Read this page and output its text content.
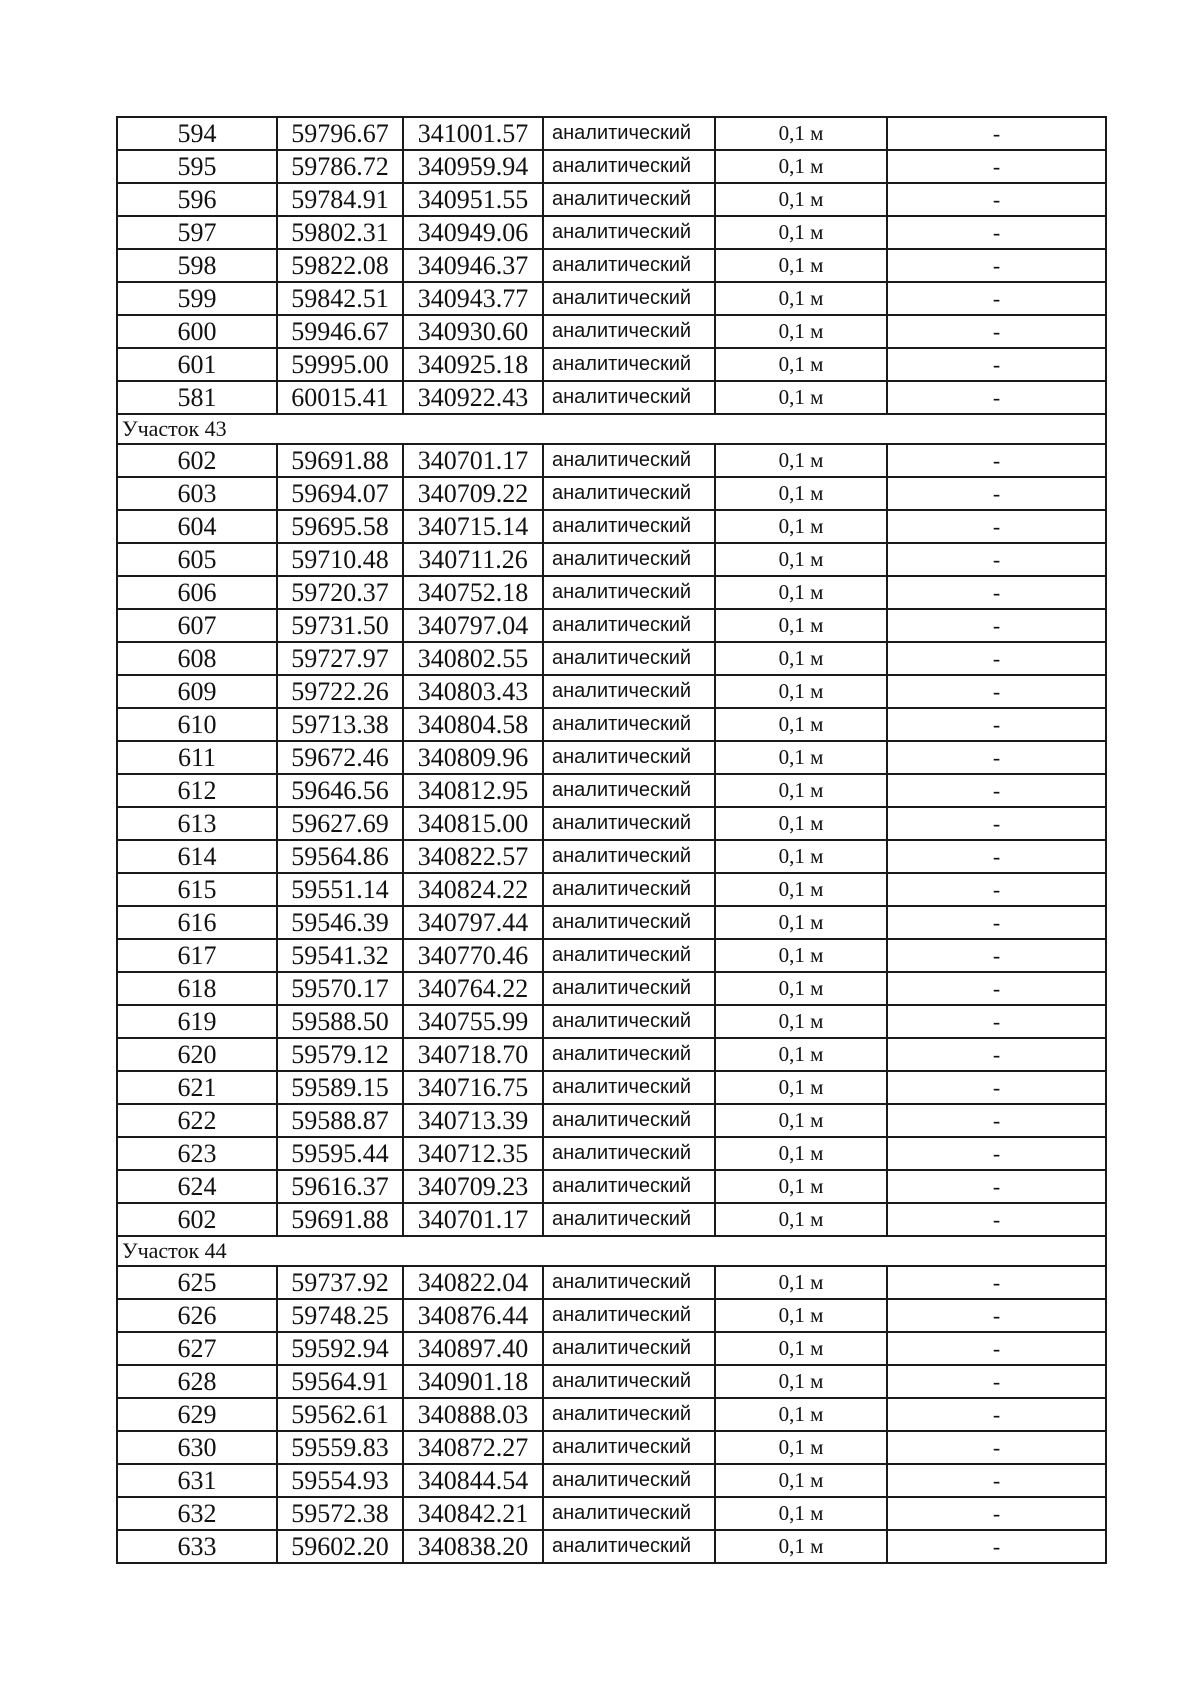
594	59796.67	341001.57	аналитический	0,1 м	-
595	59786.72	340959.94	аналитический	0,1 м	-
596	59784.91	340951.55	аналитический	0,1 м	-
597	59802.31	340949.06	аналитический	0,1 м	-
598	59822.08	340946.37	аналитический	0,1 м	-
599	59842.51	340943.77	аналитический	0,1 м	-
600	59946.67	340930.60	аналитический	0,1 м	-
601	59995.00	340925.18	аналитический	0,1 м	-
581	60015.41	340922.43	аналитический	0,1 м	-
Участок 43					
602	59691.88	340701.17	аналитический	0,1 м	-
603	59694.07	340709.22	аналитический	0,1 м	-
604	59695.58	340715.14	аналитический	0,1 м	-
605	59710.48	340711.26	аналитический	0,1 м	-
606	59720.37	340752.18	аналитический	0,1 м	-
607	59731.50	340797.04	аналитический	0,1 м	-
608	59727.97	340802.55	аналитический	0,1 м	-
609	59722.26	340803.43	аналитический	0,1 м	-
610	59713.38	340804.58	аналитический	0,1 м	-
611	59672.46	340809.96	аналитический	0,1 м	-
612	59646.56	340812.95	аналитический	0,1 м	-
613	59627.69	340815.00	аналитический	0,1 м	-
614	59564.86	340822.57	аналитический	0,1 м	-
615	59551.14	340824.22	аналитический	0,1 м	-
616	59546.39	340797.44	аналитический	0,1 м	-
617	59541.32	340770.46	аналитический	0,1 м	-
618	59570.17	340764.22	аналитический	0,1 м	-
619	59588.50	340755.99	аналитический	0,1 м	-
620	59579.12	340718.70	аналитический	0,1 м	-
621	59589.15	340716.75	аналитический	0,1 м	-
622	59588.87	340713.39	аналитический	0,1 м	-
623	59595.44	340712.35	аналитический	0,1 м	-
624	59616.37	340709.23	аналитический	0,1 м	-
602	59691.88	340701.17	аналитический	0,1 м	-
Участок 44					
625	59737.92	340822.04	аналитический	0,1 м	-
626	59748.25	340876.44	аналитический	0,1 м	-
627	59592.94	340897.40	аналитический	0,1 м	-
628	59564.91	340901.18	аналитический	0,1 м	-
629	59562.61	340888.03	аналитический	0,1 м	-
630	59559.83	340872.27	аналитический	0,1 м	-
631	59554.93	340844.54	аналитический	0,1 м	-
632	59572.38	340842.21	аналитический	0,1 м	-
633	59602.20	340838.20	аналитический	0,1 м	-
